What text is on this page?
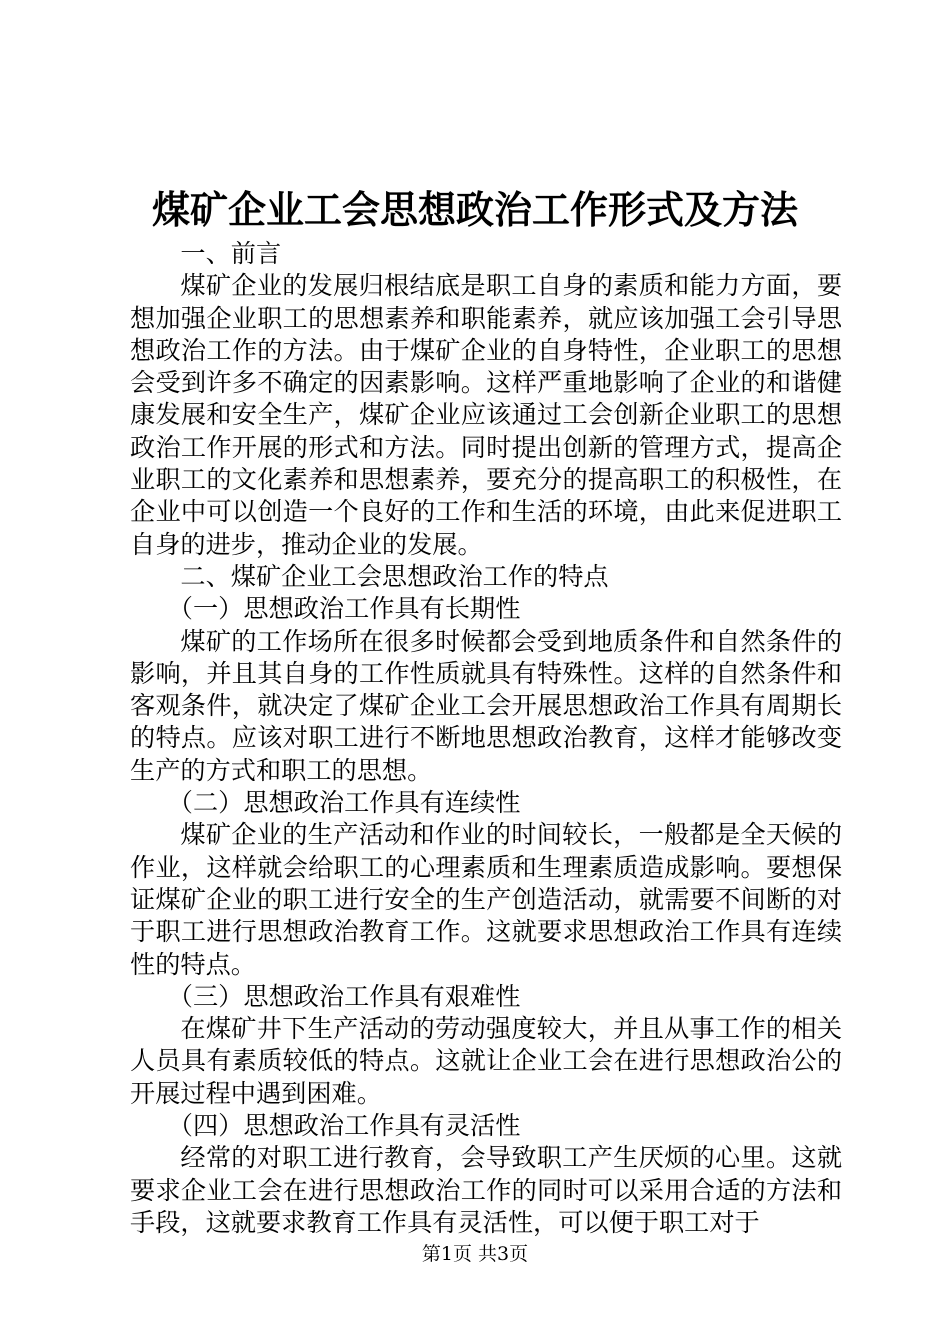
煤矿企业工会思想政治工作形式及方法

一、前言

煤矿企业的发展归根结底是职工自身的素质和能力方面，要想加强企业职工的思想素养和职能素养，就应该加强工会引导思想政治工作的方法。由于煤矿企业的自身特性，企业职工的思想会受到许多不确定的因素影响。这样严重地影响了企业的和谐健康发展和安全生产，煤矿企业应该通过工会创新企业职工的思想政治工作开展的形式和方法。同时提出创新的管理方式，提高企业职工的文化素养和思想素养，要充分的提高职工的积极性，在企业中可以创造一个良好的工作和生活的环境，由此来促进职工自身的进步，推动企业的发展。

二、煤矿企业工会思想政治工作的特点

（一）思想政治工作具有长期性

煤矿的工作场所在很多时候都会受到地质条件和自然条件的影响，并且其自身的工作性质就具有特殊性。这样的自然条件和客观条件，就决定了煤矿企业工会开展思想政治工作具有周期长的特点。应该对职工进行不断地思想政治教育，这样才能够改变生产的方式和职工的思想。

（二）思想政治工作具有连续性

煤矿企业的生产活动和作业的时间较长，一般都是全天候的作业，这样就会给职工的心理素质和生理素质造成影响。要想保证煤矿企业的职工进行安全的生产创造活动，就需要不间断的对于职工进行思想政治教育工作。这就要求思想政治工作具有连续性的特点。

（三）思想政治工作具有艰难性

在煤矿井下生产活动的劳动强度较大，并且从事工作的相关人员具有素质较低的特点。这就让企业工会在进行思想政治公的开展过程中遇到困难。

（四）思想政治工作具有灵活性

经常的对职工进行教育，会导致职工产生厌烦的心里。这就要求企业工会在进行思想政治工作的同时可以采用合适的方法和手段，这就要求教育工作具有灵活性，可以便于职工对于

第1页 共3页
